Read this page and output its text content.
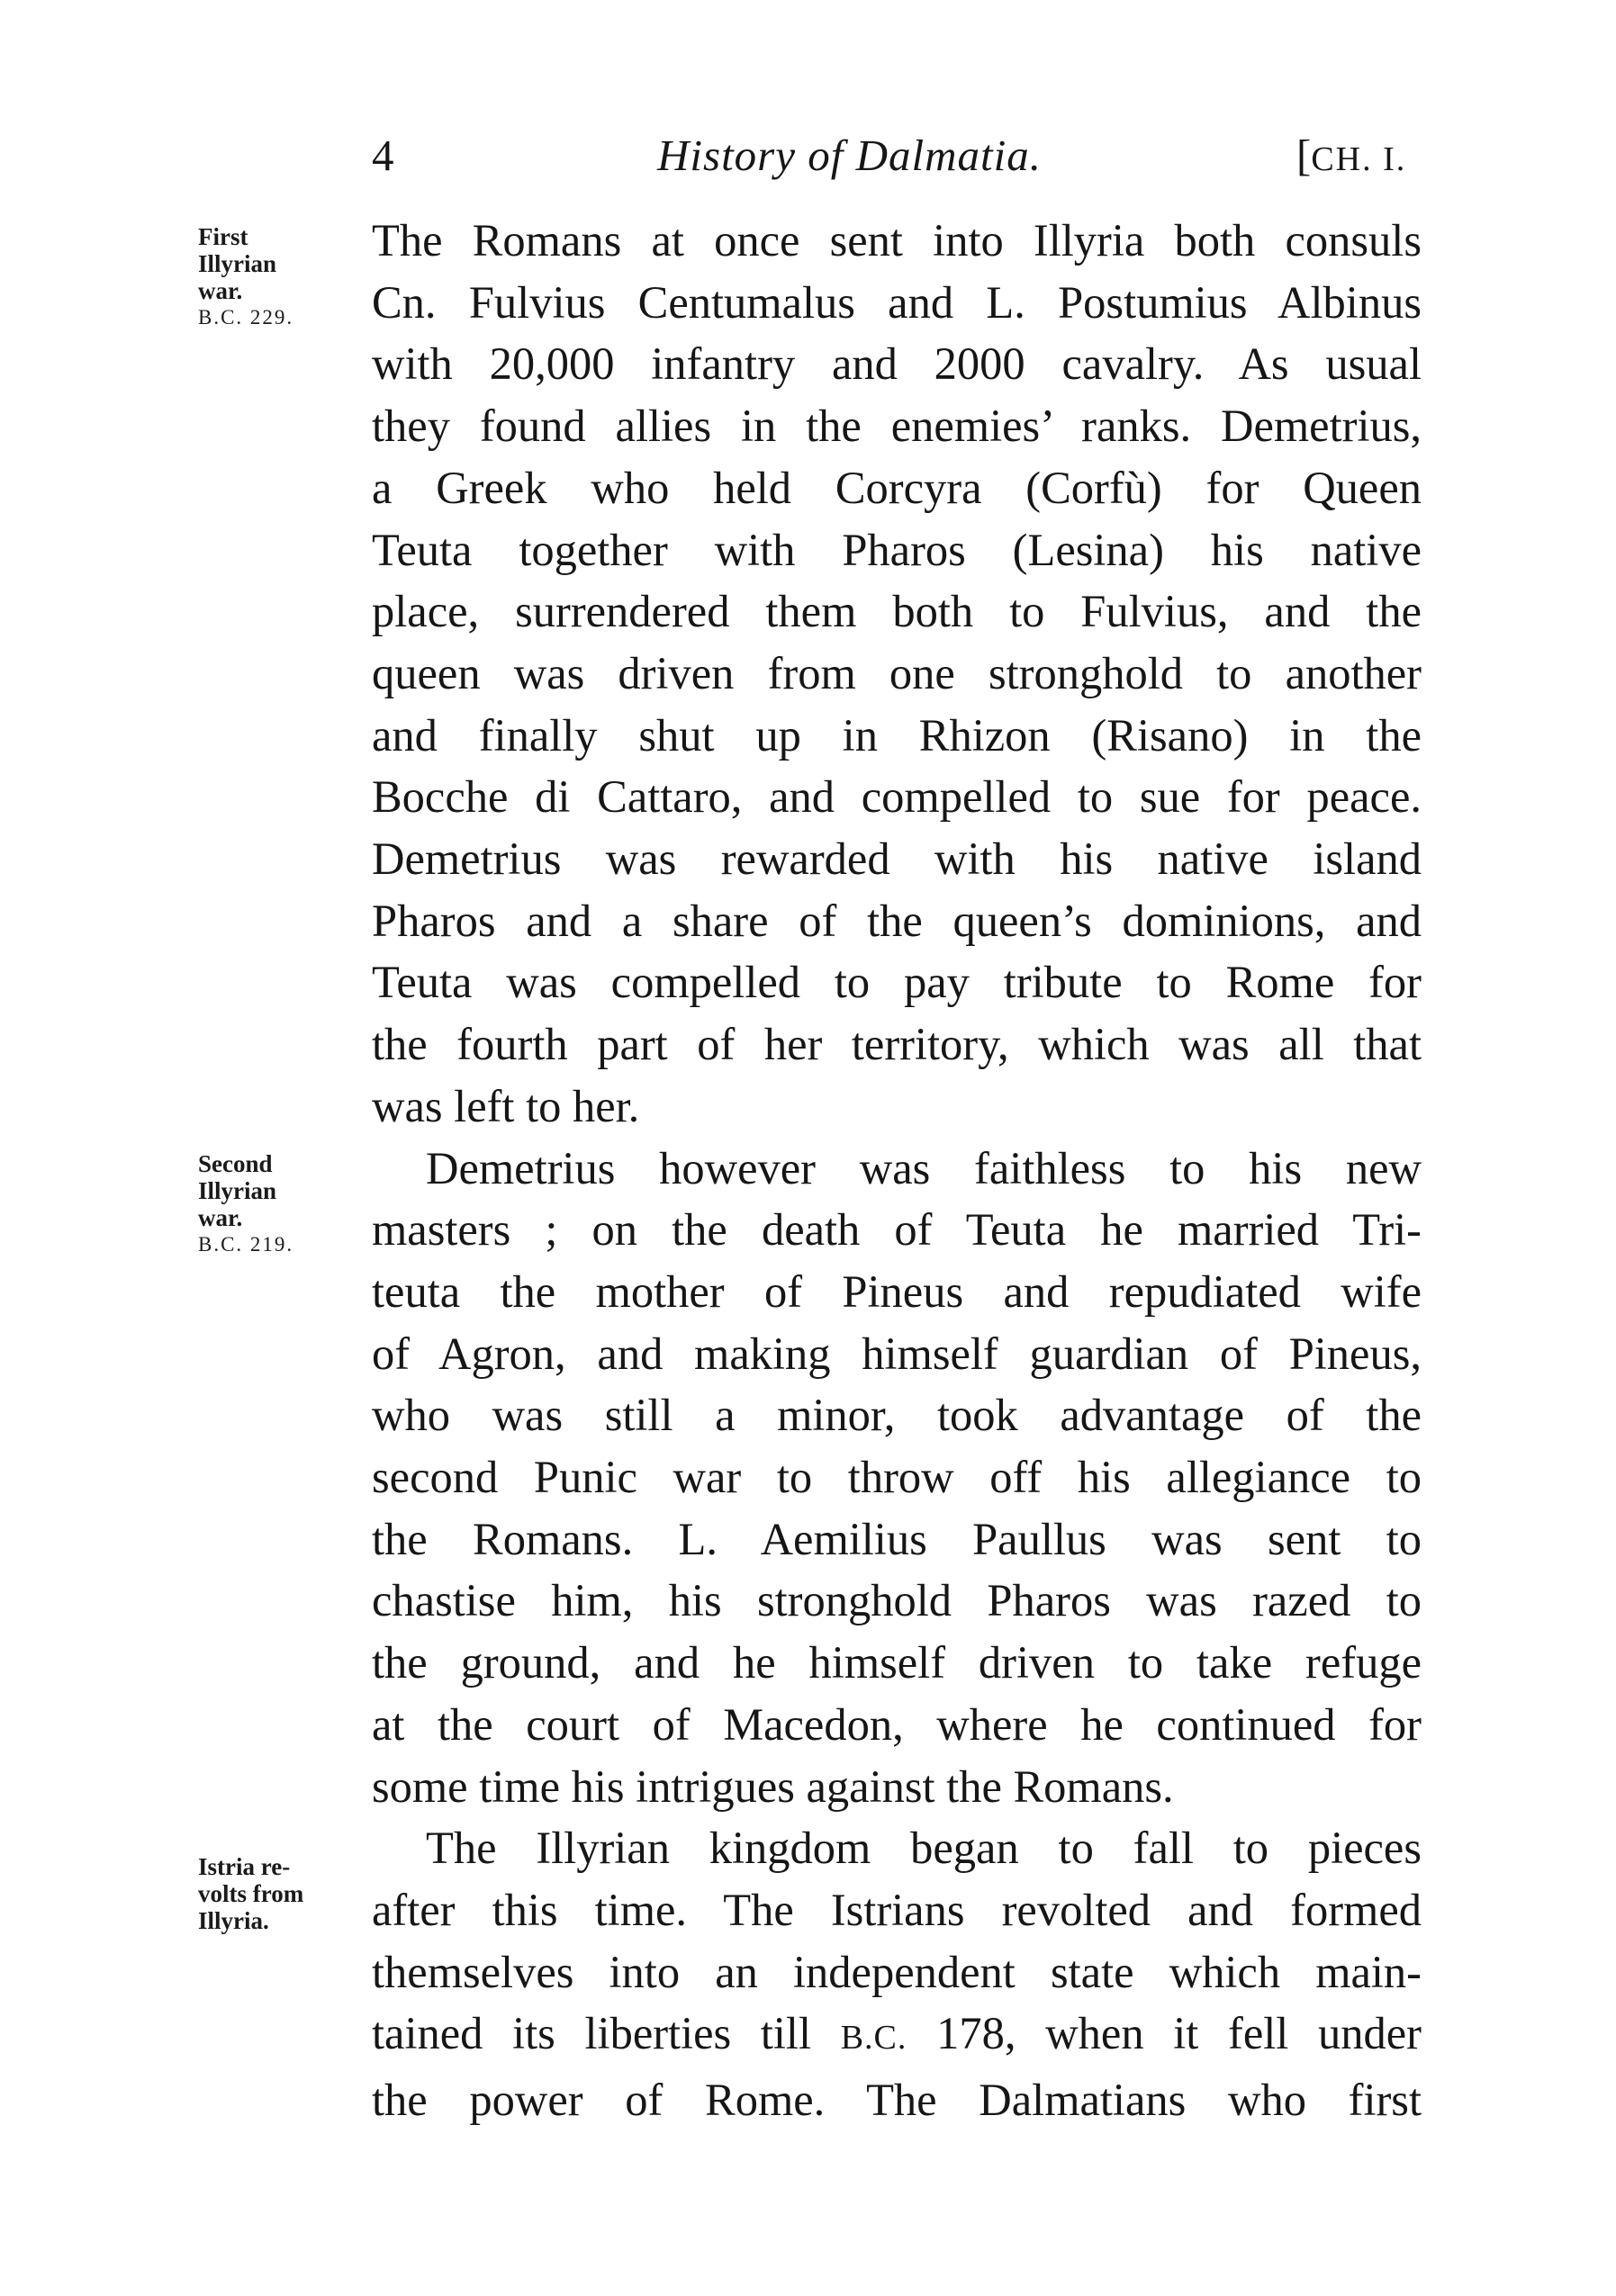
4	History of Dalmatia.	[CH. I.
First
Illyrian
war.
B.C. 229.
Second
Illyrian
war.
B.C. 219.
Istria re-
volts from
Illyria.

The Romans at once sent into Illyria both consuls

Cn. Fulvius Centumalus and L. Postumius Albinus

with 20,000 infantry and 2000 cavalry. As usual

they found allies in the enemies’ ranks. Demetrius,

a Greek who held Corcyra (Corfù) for Queen

Teuta together with Pharos (Lesina) his native

place, surrendered them both to Fulvius, and the

queen was driven from one stronghold to another

and finally shut up in Rhizon (Risano) in the

Bocche di Cattaro, and compelled to sue for peace.

Demetrius was rewarded with his native island

Pharos and a share of the queen’s dominions, and

Teuta was compelled to pay tribute to Rome for

the fourth part of her territory, which was all that

was left to her.

Demetrius however was faithless to his new

masters ; on the death of Teuta he married Tri-

teuta the mother of Pineus and repudiated wife

of Agron, and making himself guardian of Pineus,

who was still a minor, took advantage of the

second Punic war to throw off his allegiance to

the Romans. L. Aemilius Paullus was sent to

chastise him, his stronghold Pharos was razed to

the ground, and he himself driven to take refuge

at the court of Macedon, where he continued for

some time his intrigues against the Romans.

The Illyrian kingdom began to fall to pieces

after this time. The Istrians revolted and formed

themselves into an independent state which main-

tained its liberties till B.C. 178, when it fell under

the power of Rome. The Dalmatians who first
